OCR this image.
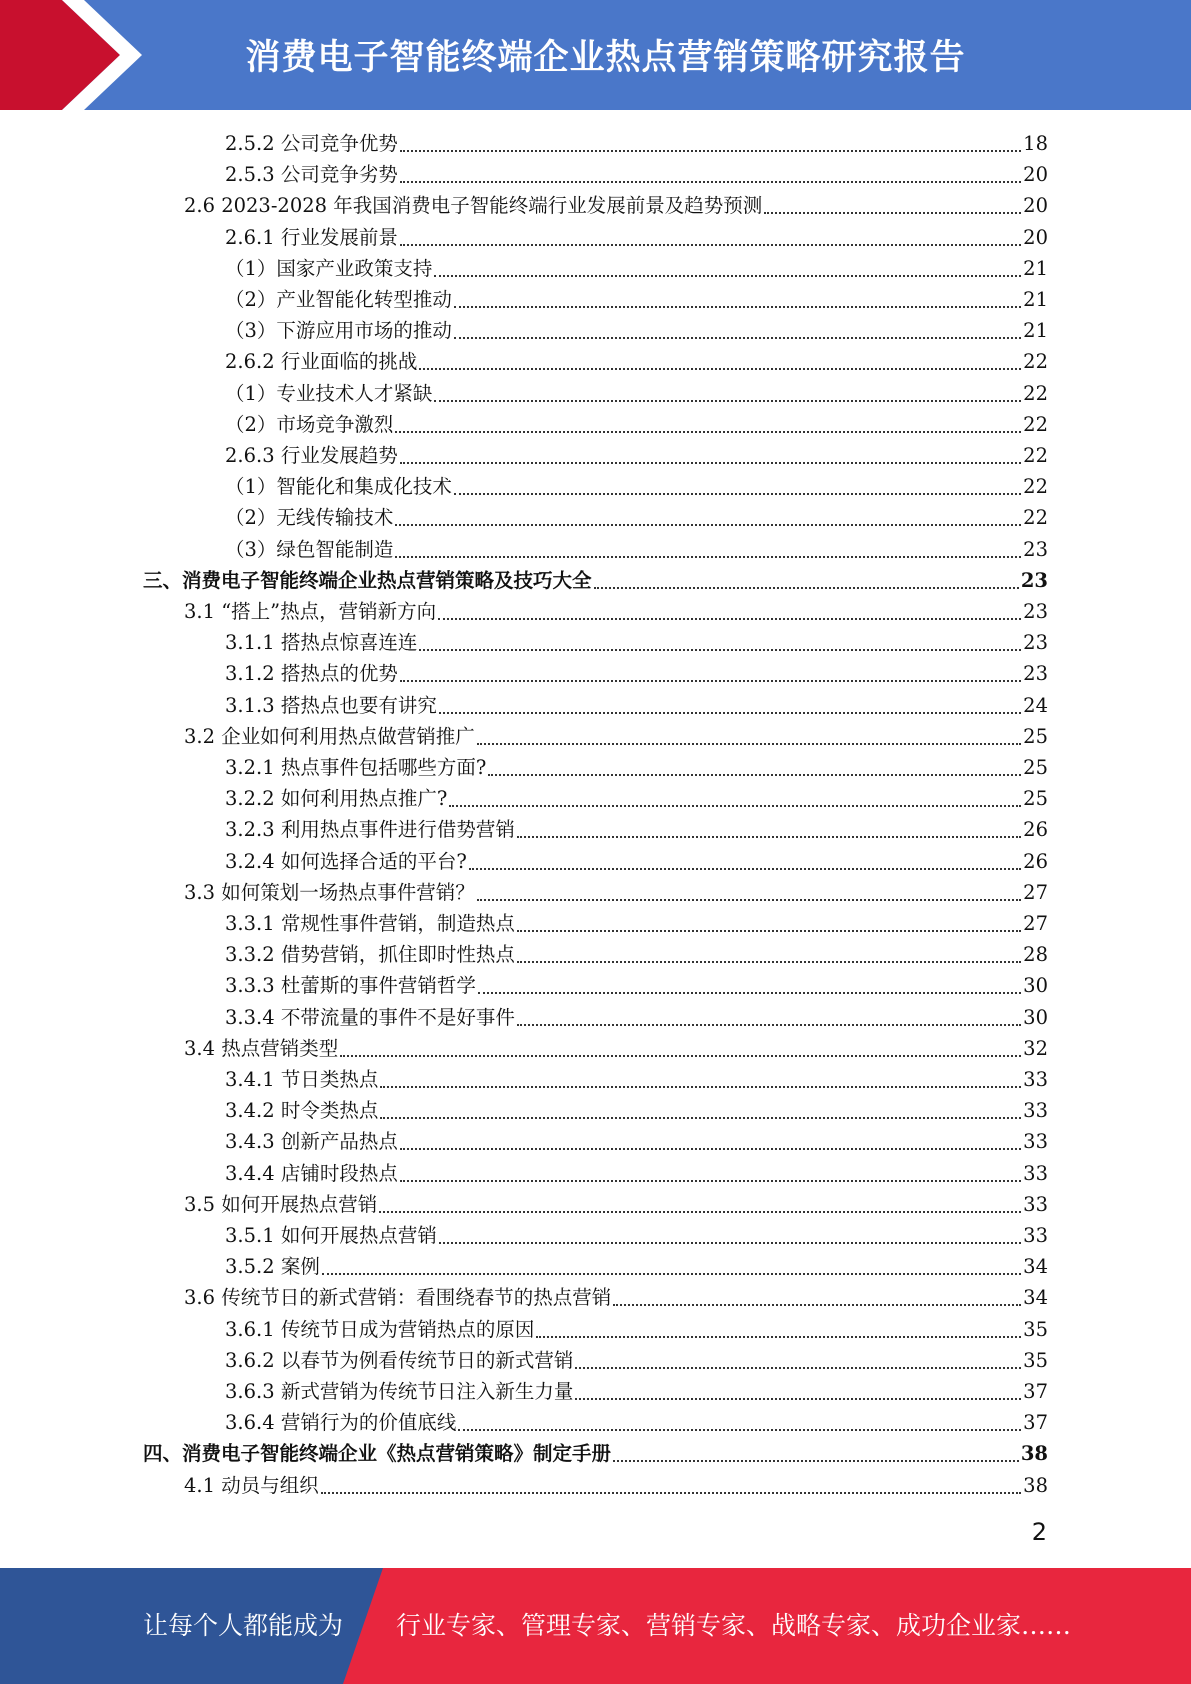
消费电子智能终端企业热点营销策略研究报告
2.5.2 公司竞争优势	18
2.5.3 公司竞争劣势	20
2.6 2023-2028 年我国消费电子智能终端行业发展前景及趋势预测	20
2.6.1 行业发展前景	20
（1）国家产业政策支持	21
（2）产业智能化转型推动	21
（3）下游应用市场的推动	21
2.6.2 行业面临的挑战	22
（1）专业技术人才紧缺	22
（2）市场竞争激烈	22
2.6.3 行业发展趋势	22
（1）智能化和集成化技术	22
（2）无线传输技术	22
（3）绿色智能制造	23
三、消费电子智能终端企业热点营销策略及技巧大全	23
3.1 “搭上”热点，营销新方向	23
3.1.1 搭热点惊喜连连	23
3.1.2 搭热点的优势	23
3.1.3 搭热点也要有讲究	24
3.2 企业如何利用热点做营销推广	25
3.2.1 热点事件包括哪些方面?	25
3.2.2 如何利用热点推广?	25
3.2.3 利用热点事件进行借势营销	26
3.2.4 如何选择合适的平台?	26
3.3 如何策划一场热点事件营销？	27
3.3.1 常规性事件营销，制造热点	27
3.3.2 借势营销，抓住即时性热点	28
3.3.3 杜蕾斯的事件营销哲学	30
3.3.4 不带流量的事件不是好事件	30
3.4 热点营销类型	32
3.4.1 节日类热点	33
3.4.2 时令类热点	33
3.4.3 创新产品热点	33
3.4.4 店铺时段热点	33
3.5 如何开展热点营销	33
3.5.1 如何开展热点营销	33
3.5.2 案例	34
3.6 传统节日的新式营销：看围绕春节的热点营销	34
3.6.1 传统节日成为营销热点的原因	35
3.6.2 以春节为例看传统节日的新式营销	35
3.6.3 新式营销为传统节日注入新生力量	37
3.6.4 营销行为的价值底线	37
四、消费电子智能终端企业《热点营销策略》制定手册	38
4.1 动员与组织	38
2
让每个人都能成为 行业专家、管理专家、营销专家、战略专家、成功企业家……
